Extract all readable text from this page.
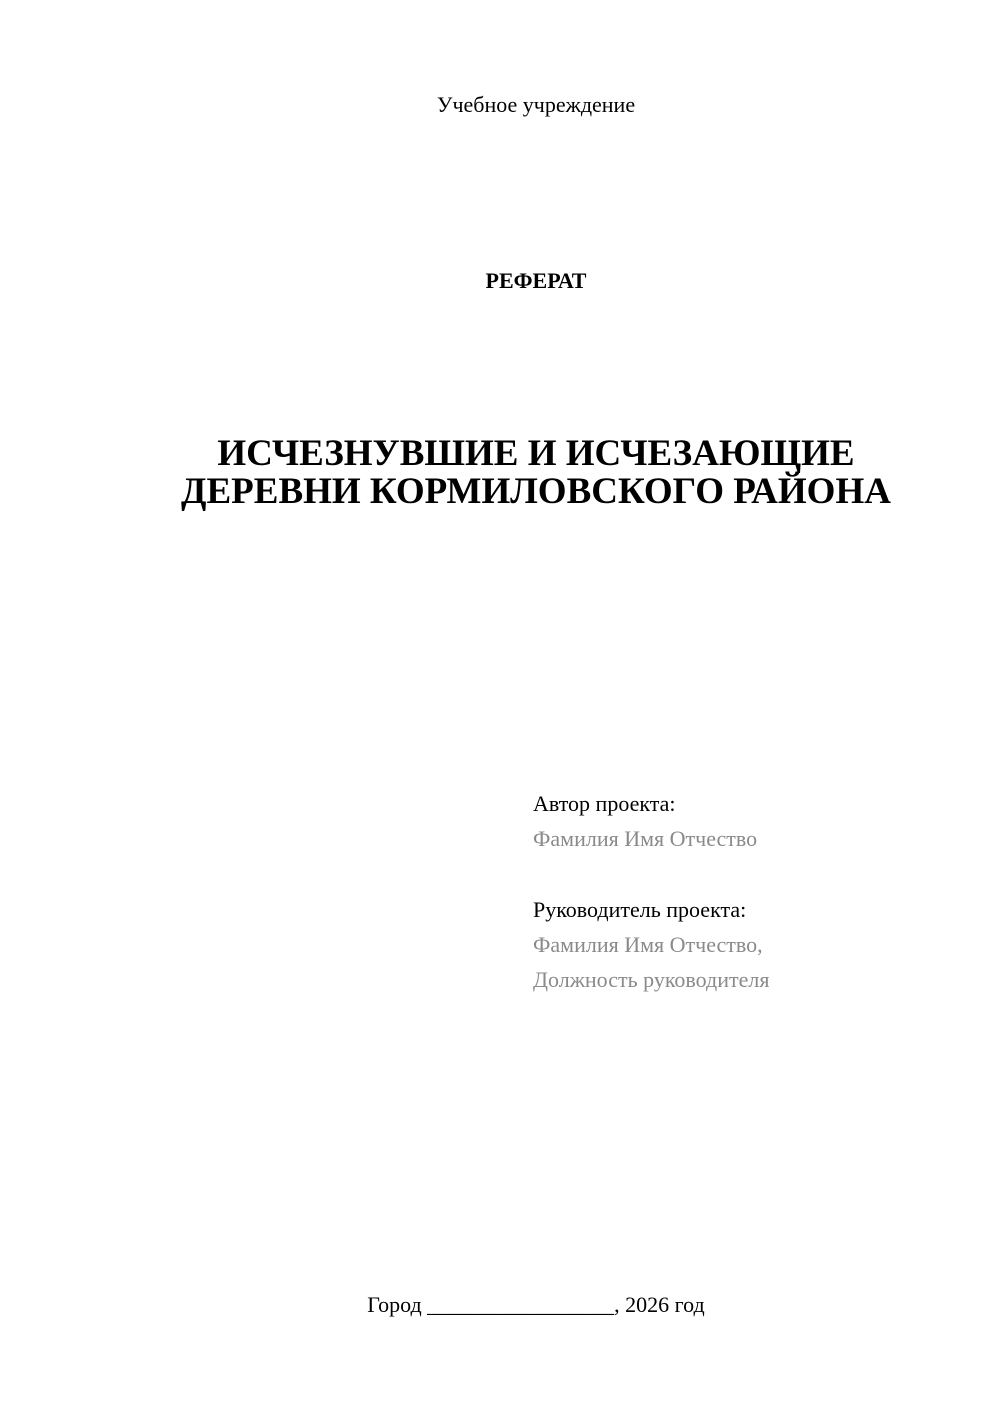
Учебное учреждение
РЕФЕРАТ
ИСЧЕЗНУВШИЕ И ИСЧЕЗАЮЩИЕ
ДЕРЕВНИ КОРМИЛОВСКОГО РАЙОНА
Автор проекта:
Фамилия Имя Отчество
Руководитель проекта:
Фамилия Имя Отчество,
Должность руководителя
Город _________________, 2026 год
